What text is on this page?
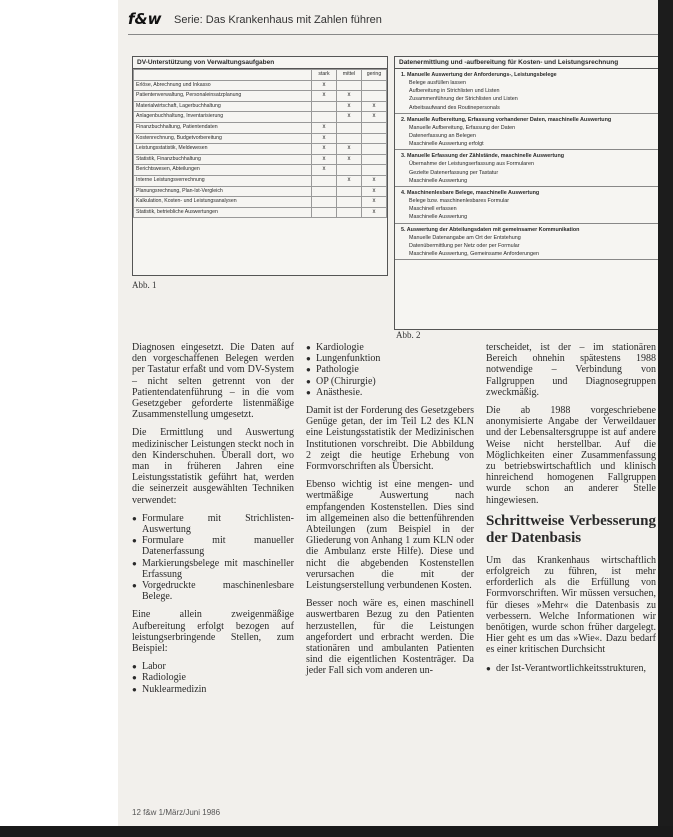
f&w Serie: Das Krankenhaus mit Zahlen führen
DV-Unterstützung von Verwaltungsaufgaben
	stark	mittel	gering
Erlöse, Abrechnung und Inkasso	x		
Patientenverwaltung, Personaleinsatzplanung	x	x	
Materialwirtschaft, Lagerbuchhaltung		x	x
Anlagenbuchhaltung, Inventarisierung		x	x
Finanzbuchhaltung, Patientendaten	x		
Kostenrechnung, Budgetvorbereitung	x		
Leistungsstatistik, Meldewesen	x	x	
Statistik, Finanzbuchhaltung	x	x	
Berichtswesen, Abteilungen	x		
Interne Leistungsverrechnung		x	x
Planungsrechnung, Plan-Ist-Vergleich			x
Kalkulation, Kosten- und Leistungsanalysen			x
Statistik, betriebliche Auswertungen			x
Datenermittlung und -aufbereitung für Kosten- und Leistungsrechnung
1. Manuelle Auswertung der Anforderungs-, Leistungsbelege
Belege ausfüllen lassen
Aufbereitung in Strichlisten und Listen
Zusammenführung der Strichlisten und Listen
Arbeitsaufwand des Routinepersonals
2. Manuelle Aufbereitung, Erfassung vorhandener Daten, maschinelle Auswertung
Manuelle Aufbereitung, Erfassung der Daten
Datenerfassung an Belegen
Maschinelle Auswertung erfolgt
3. Manuelle Erfassung der Zählstände, maschinelle Auswertung
Übernahme der Leistungserfassung aus Formularen
Gezielte Datenerfassung per Tastatur
Maschinelle Auswertung
4. Maschinenlesbare Belege, maschinelle Auswertung
Belege bzw. maschinenlesbares Formular
Maschinell erfassen
Maschinelle Auswertung
5. Auswertung der Abteilungsdaten mit gemeinsamer Kommunikation
Manuelle Datenangabe am Ort der Entstehung
Datenübermittlung per Netz oder per Formular
Maschinelle Auswertung, Gemeinsame Anforderungen
Abb. 1
Abb. 2

Diagnosen eingesetzt. Die Daten auf den vorgeschaffenen Belegen werden per Tastatur erfaßt und vom DV-System – nicht selten getrennt von der Patientendatenführung – in die vom Gesetzgeber geforderte listenmäßige Zusammenstellung umgesetzt.

Die Ermittlung und Auswertung medizinischer Leistungen steckt noch in den Kinderschuhen. Überall dort, wo man in früheren Jahren eine Leistungsstatistik geführt hat, werden die seinerzeit ausgewählten Techniken verwendet:

● Formulare mit Strichlisten-Auswertung
● Formulare mit manueller Datenerfassung
● Markierungsbelege mit maschineller Erfassung
● Vorgedruckte maschinenlesbare Belege.

Eine allein zweigenmäßige Aufbereitung erfolgt bezogen auf leistungserbringende Stellen, zum Beispiel:

● Labor
● Radiologie
● Nuklearmedizin
● Kardiologie
● Lungenfunktion
● Pathologie
● OP (Chirurgie)
● Anästhesie.

Damit ist der Forderung des Gesetzgebers Genüge getan, der im Teil L2 des KLN eine Leistungsstatistik der Medizinischen Institutionen vorschreibt. Die Abbildung 2 zeigt die heutige Erhebung von Formvorschriften als Übersicht.

Ebenso wichtig ist eine mengen- und wertmäßige Auswertung nach empfangenden Kostenstellen. Dies sind im allgemeinen also die bettenführenden Abteilungen (zum Beispiel in der Gliederung von Anhang 1 zum KLN oder die Ambulanz erste Hilfe). Diese und nicht die abgebenden Kostenstellen verursachen die mit der Leistungserstellung verbundenen Kosten.

Besser noch wäre es, einen maschinell auswertbaren Bezug zu den Patienten herzustellen, für die Leistungen angefordert und erbracht werden. Die stationären und ambulanten Patienten sind die eigentlichen Kostenträger. Da jeder Fall sich vom anderen un-

terscheidet, ist der – im stationären Bereich ohnehin spätestens 1988 notwendige – Verbindung von Fallgruppen und Diagnosegruppen zweckmäßig.

Die ab 1988 vorgeschriebene anonymisierte Angabe der Verweildauer und der Lebensaltersgruppe ist auf andere Weise nicht herstellbar. Auf die Möglichkeiten einer Zusammenfassung zu betriebswirtschaftlich und klinisch hinreichend homogenen Fallgruppen wurde schon an anderer Stelle hingewiesen.

Schrittweise Verbesserung der Datenbasis

Um das Krankenhaus wirtschaftlich erfolgreich zu führen, ist mehr erforderlich als die Erfüllung von Formvorschriften. Wir müssen versuchen, für dieses »Mehr« die Datenbasis zu verbessern. Welche Informationen wir benötigen, wurde schon früher dargelegt. Hier geht es um das »Wie«. Dazu bedarf es einer kritischen Durchsicht

● der Ist-Verantwortlichkeitsstrukturen,
12 f&w 1/März/Juni 1986
